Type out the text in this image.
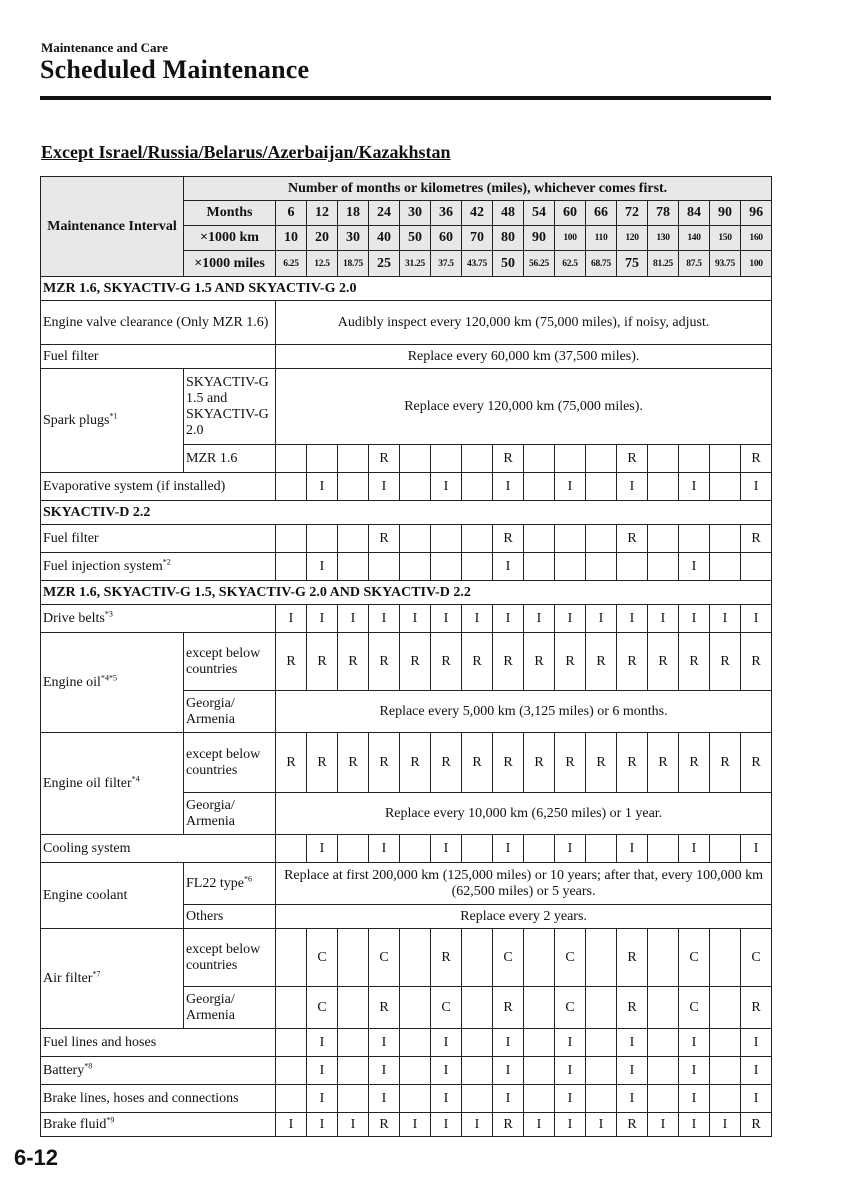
Maintenance and Care
Scheduled Maintenance
Except Israel/Russia/Belarus/Azerbaijan/Kazakhstan
Maintenance Interval	Number of months or kilometres (miles), whichever comes first.																
	Months	6	12	18	24	30	36	42	48	54	60	66	72	78	84	90	96
	×1000 km	10	20	30	40	50	60	70	80	90	100	110	120	130	140	150	160
	×1000 miles	6.25	12.5	18.75	25	31.25	37.5	43.75	50	56.25	62.5	68.75	75	81.25	87.5	93.75	100
MZR 1.6, SKYACTIV-G 1.5 AND SKYACTIV-G 2.0																	
Engine valve clearance (Only MZR 1.6)		Audibly inspect every 120,000 km (75,000 miles), if noisy, adjust.															
Fuel filter		Replace every 60,000 km (37,500 miles).															
Spark plugs$^{*1}$	SKYACTIV-G 1.5 and SKYACTIV-G 2.0	Replace every 120,000 km (75,000 miles).															
	MZR 1.6				R				R				R				R
Evaporative system (if installed)			I		I		I		I		I		I		I		I
SKYACTIV-D 2.2																	
Fuel filter					R				R				R				R
Fuel injection system$^{*2}$			I						I						I		
MZR 1.6, SKYACTIV-G 1.5, SKYACTIV-G 2.0 AND SKYACTIV-D 2.2																	
Drive belts$^{*3}$		I	I	I	I	I	I	I	I	I	I	I	I	I	I	I	I
Engine oil$^{*4*5}$	except below countries	R	R	R	R	R	R	R	R	R	R	R	R	R	R	R	R
	Georgia/ Armenia	Replace every 5,000 km (3,125 miles) or 6 months.															
Engine oil filter$^{*4}$	except below countries	R	R	R	R	R	R	R	R	R	R	R	R	R	R	R	R
	Georgia/ Armenia	Replace every 10,000 km (6,250 miles) or 1 year.															
Cooling system			I		I		I		I		I		I		I		I
Engine coolant	FL22 type$^{*6}$	Replace at first 200,000 km (125,000 miles) or 10 years; after that, every 100,000 km (62,500 miles) or 5 years.															
	Others	Replace every 2 years.															
Air filter$^{*7}$	except below countries		C		C		R		C		C		R		C		C
	Georgia/ Armenia		C		R		C		R		C		R		C		R
Fuel lines and hoses			I		I		I		I		I		I		I		I
Battery$^{*8}$			I		I		I		I		I		I		I		I
Brake lines, hoses and connections			I		I		I		I		I		I		I		I
Brake fluid$^{*9}$		I	I	I	R	I	I	I	R	I	I	I	R	I	I	I	R
6-12
